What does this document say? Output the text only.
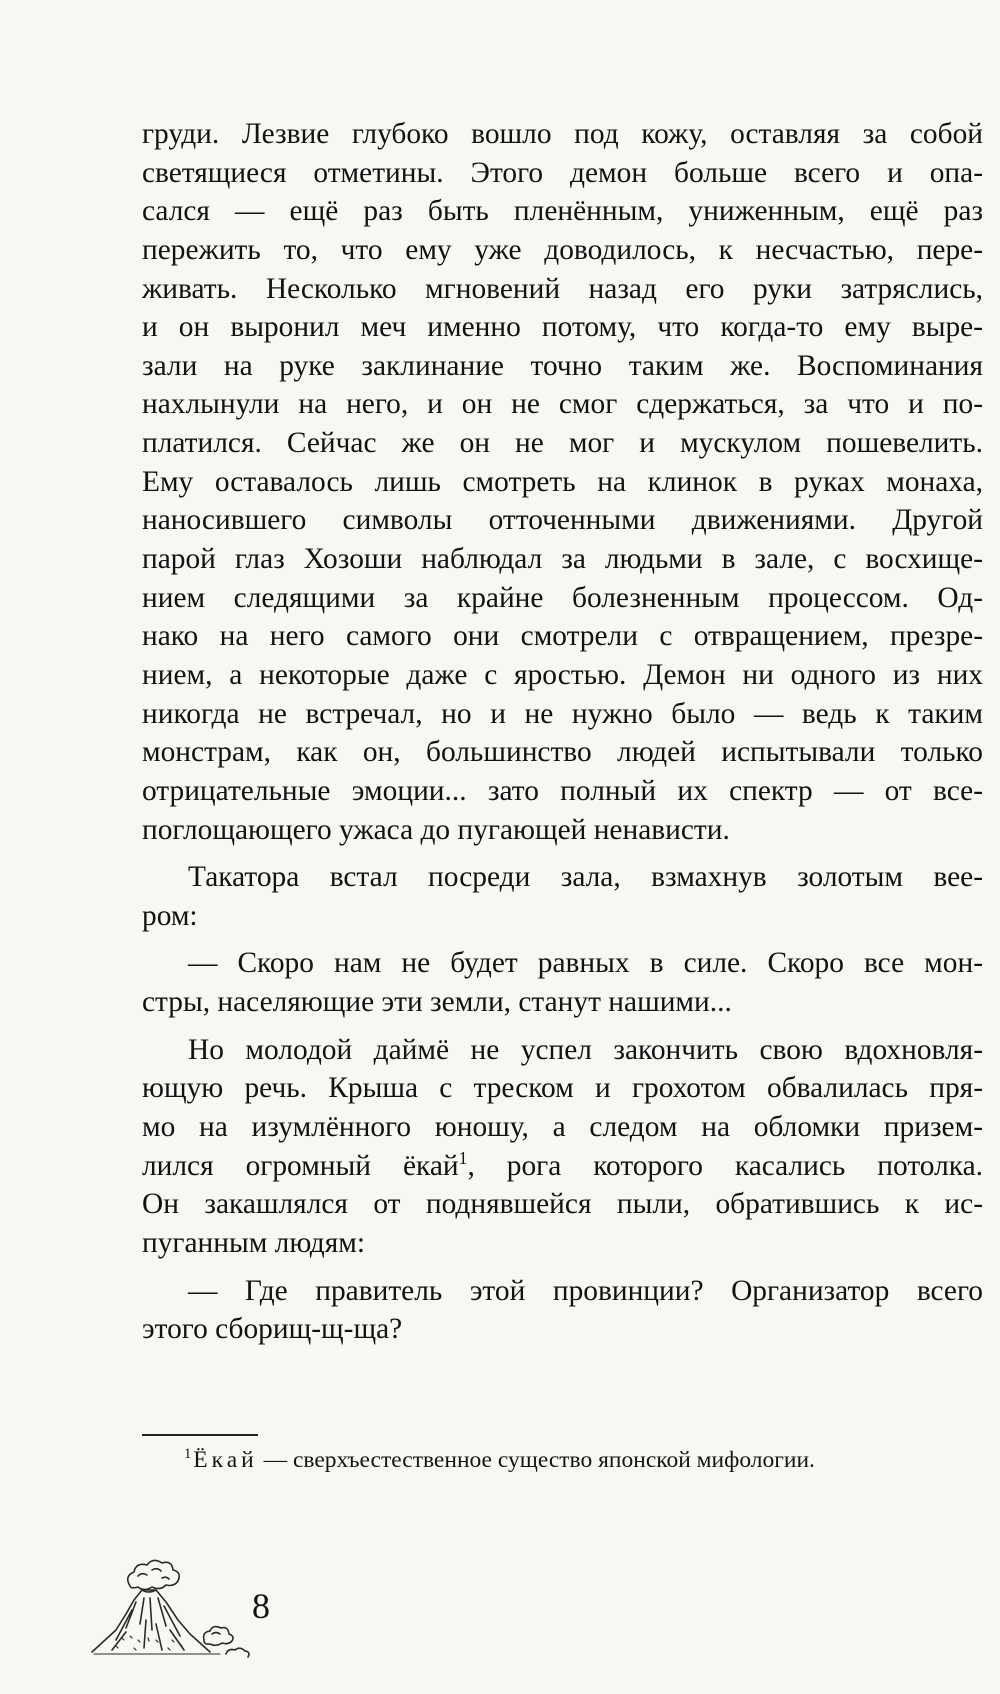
груди. Лезвие глубоко вошло под кожу, оставляя за собой
светящиеся отметины. Этого демон больше всего и опа-
сался — ещё раз быть пленённым, униженным, ещё раз
пережить то, что ему уже доводилось, к несчастью, пере-
живать. Несколько мгновений назад его руки затряслись,
и он выронил меч именно потому, что когда-то ему выре-
зали на руке заклинание точно таким же. Воспоминания
нахлынули на него, и он не смог сдержаться, за что и по-
платился. Сейчас же он не мог и мускулом пошевелить.
Ему оставалось лишь смотреть на клинок в руках монаха,
наносившего символы отточенными движениями. Другой
парой глаз Хозоши наблюдал за людьми в зале, с восхище-
нием следящими за крайне болезненным процессом. Од-
нако на него самого они смотрели с отвращением, презре-
нием, а некоторые даже с яростью. Демон ни одного из них
никогда не встречал, но и не нужно было — ведь к таким
монстрам, как он, большинство людей испытывали только
отрицательные эмоции... зато полный их спектр — от все-
поглощающего ужаса до пугающей ненависти.
Такатора встал посреди зала, взмахнув золотым вее-
ром:
— Скоро нам не будет равных в силе. Скоро все мон-
стры, населяющие эти земли, станут нашими...
Но молодой даймё не успел закончить свою вдохновля-
ющую речь. Крыша с треском и грохотом обвалилась пря-
мо на изумлённого юношу, а следом на обломки призем-
лился огромный ёкай$^1$, рога которого касались потолка.
Он закашлялся от поднявшейся пыли, обратившись к ис-
пуганным людям:
— Где правитель этой провинции? Организатор всего
этого сборищ-щ-ща?
$^1$Ёкай — сверхъестественное существо японской мифологии.
8
